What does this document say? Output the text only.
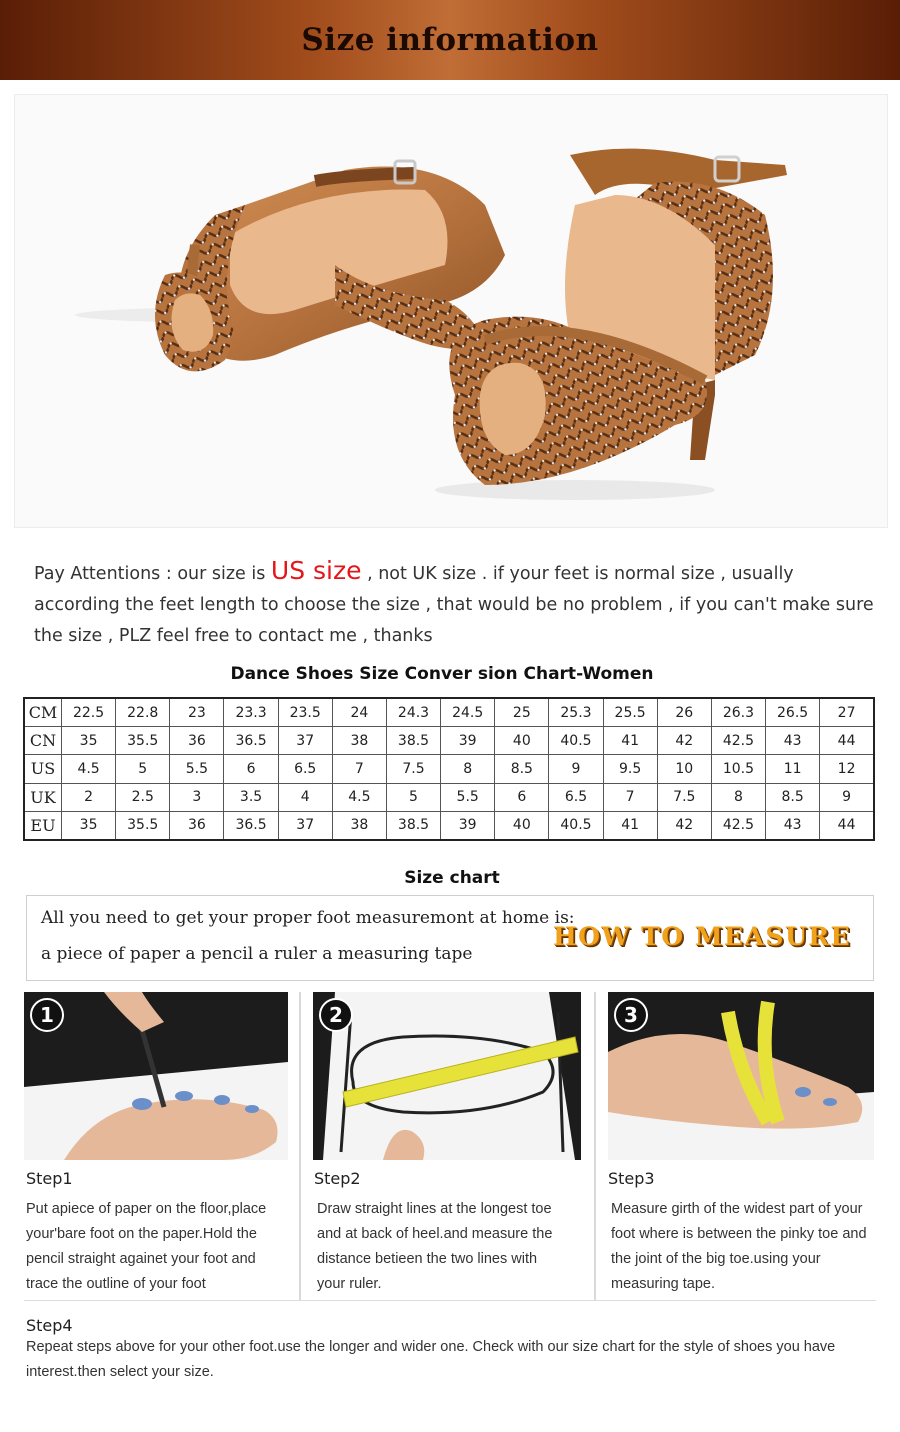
Size information
Pay Attentions : our size is US size , not UK size . if your feet is normal size , usually according the feet length to choose the size , that would be no problem , if you can't make sure the size , PLZ feel free to contact me , thanks
Dance Shoes Size Conver sion Chart-Women
CM	22.5	22.8	23	23.3	23.5	24	24.3	24.5	25	25.3	25.5	26	26.3	26.5	27
CN	35	35.5	36	36.5	37	38	38.5	39	40	40.5	41	42	42.5	43	44
US	4.5	5	5.5	6	6.5	7	7.5	8	8.5	9	9.5	10	10.5	11	12
UK	2	2.5	3	3.5	4	4.5	5	5.5	6	6.5	7	7.5	8	8.5	9
EU	35	35.5	36	36.5	37	38	38.5	39	40	40.5	41	42	42.5	43	44
Size chart
All you need to get your proper foot measuremont at home is:
a piece of paper a pencil a ruler a measuring tape
HOW TO MEASURE
1
Step1
Put apiece of paper on the floor,place
your'bare foot on the paper.Hold the
pencil straight againet your foot and
trace the outline of your foot
2
Step2
Draw straight lines at the longest toe
and at back of heel.and measure the
distance betieen the two lines with
your ruler.
3
Step3
Measure girth of the widest part of your
foot where is between the pinky toe and
the joint of the big toe.using your
measuring tape.
Step4
Repeat steps above for your other foot.use the longer and wider one. Check with our size chart for the style of shoes you have interest.then select your size.
